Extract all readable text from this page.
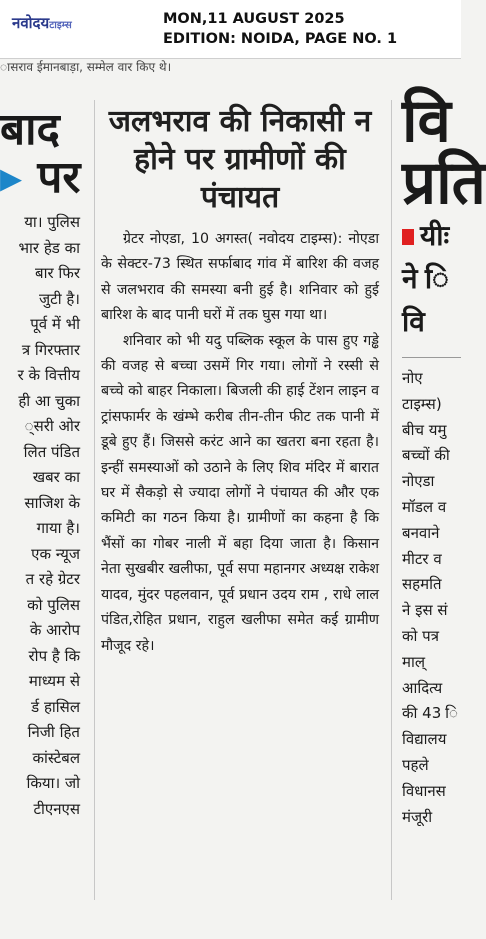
नवोदयटाइम्स	MON,11 AUGUST 2025
EDITION: NOIDA, PAGE NO. 1
ासराव ईमानबाड़ा, सम्मेल वार किए थे।
बाद
▸ पर
या। पुलिस
भार हेड का
बार फिर
जुटी है।
पूर्व में भी
त्र गिरफ्तार
र के वित्तीय
ही आ चुका
्सरी ओर
लित पंडित
खबर का
साजिश के
गाया है।
एक न्यूज
त रहे ग्रेटर
को पुलिस
के आरोप
रोप है कि
माध्यम से
र्ड हासिल
निजी हित
कांस्टेबल
किया। जो
टीएनएस
जलभराव की निकासी न होने पर ग्रामीणों की पंचायत

ग्रेटर नोएडा, 10 अगस्त( नवोदय टाइम्स): नोएडा के सेक्टर-73 स्थित सर्फाबाद गांव में बारिश की वजह से जलभराव की समस्या बनी हुई है। शनिवार को हुई बारिश के बाद पानी घरों में तक घुस गया था।

शनिवार को भी यदु पब्लिक स्कूल के पास हुए गड्ढे की वजह से बच्चा उसमें गिर गया। लोगों ने रस्सी से बच्चे को बाहर निकाला। बिजली की हाई टेंशन लाइन व ट्रांसफार्मर के खंम्भे करीब तीन-तीन फीट तक पानी में डूबे हुए हैं। जिससे करंट आने का खतरा बना रहता है। इन्हीं समस्याओं को उठाने के लिए शिव मंदिर में बारात घर में सैकड़ो से ज्यादा लोगों ने पंचायत की और एक कमिटी का गठन किया है। ग्रामीणों का कहना है कि भैंसों का गोबर नाली में बहा दिया जाता है। किसान नेता सुखबीर खलीफा, पूर्व सपा महानगर अध्यक्ष राकेश यादव, मुंदर पहलवान, पूर्व प्रधान उदय राम , राधे लाल पंडित,रोहित प्रधान, राहुल खलीफा समेत कई ग्रामीण मौजूद रहे।

वि
प्रति
यीः
ने ि
वि
नोए
टाइम्स)
बीच यमु
बच्चों की
नोएडा
मॉडल व
बनवाने
मीटर व
सहमति
ने इस सं
को पत्र
माल्
आदित्य
की 43 ि
विद्यालय
पहले
विधानस
मंजूरी
